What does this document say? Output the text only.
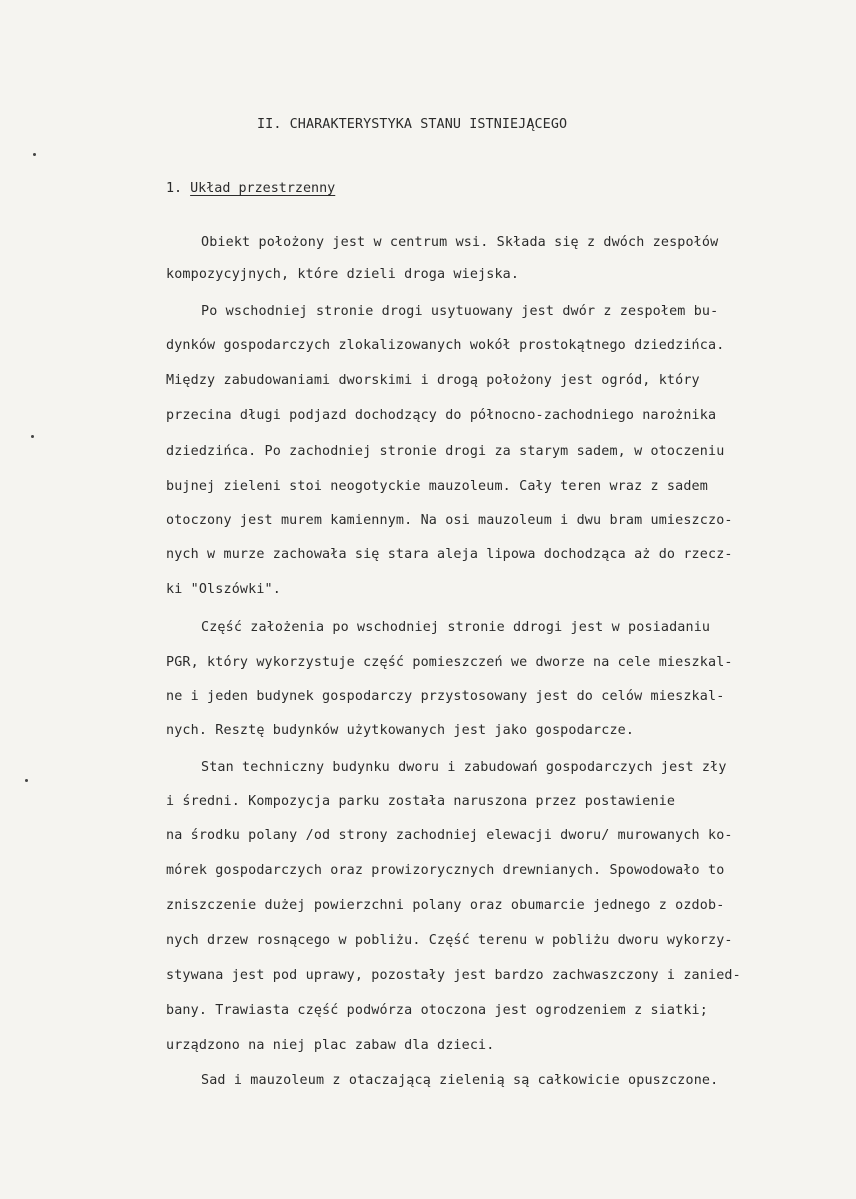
II. CHARAKTERYSTYKA STANU ISTNIEJĄCEGO
1. Układ przestrzenny
Obiekt położony jest w centrum wsi. Składa się z dwóch zespołów
kompozycyjnych, które dzieli droga wiejska.
Po wschodniej stronie drogi usytuowany jest dwór z zespołem bu-
dynków gospodarczych zlokalizowanych wokół prostokątnego dziedzińca.
Między zabudowaniami dworskimi i drogą położony jest ogród, który
przecina długi podjazd dochodzący do północno-zachodniego narożnika
dziedzińca. Po zachodniej stronie drogi za starym sadem, w otoczeniu
bujnej zieleni stoi neogotyckie mauzoleum. Cały teren wraz z sadem
otoczony jest murem kamiennym. Na osi mauzoleum i dwu bram umieszczo-
nych w murze zachowała się stara aleja lipowa dochodząca aż do rzecz-
ki "Olszówki".
Część założenia po wschodniej stronie ddrogi jest w posiadaniu
PGR, który wykorzystuje część pomieszczeń we dworze na cele mieszkal-
ne i jeden budynek gospodarczy przystosowany jest do celów mieszkal-
nych. Resztę budynków użytkowanych jest jako gospodarcze.
Stan techniczny budynku dworu i zabudowań gospodarczych jest zły
i średni. Kompozycja parku została naruszona przez postawienie
na środku polany /od strony zachodniej elewacji dworu/ murowanych ko-
mórek gospodarczych oraz prowizorycznych drewnianych. Spowodowało to
zniszczenie dużej powierzchni polany oraz obumarcie jednego z ozdob-
nych drzew rosnącego w pobliżu. Część terenu w pobliżu dworu wykorzy-
stywana jest pod uprawy, pozostały jest bardzo zachwaszczony i zanied-
bany. Trawiasta część podwórza otoczona jest ogrodzeniem z siatki;
urządzono na niej plac zabaw dla dzieci.
Sad i mauzoleum z otaczającą zielenią są całkowicie opuszczone.
